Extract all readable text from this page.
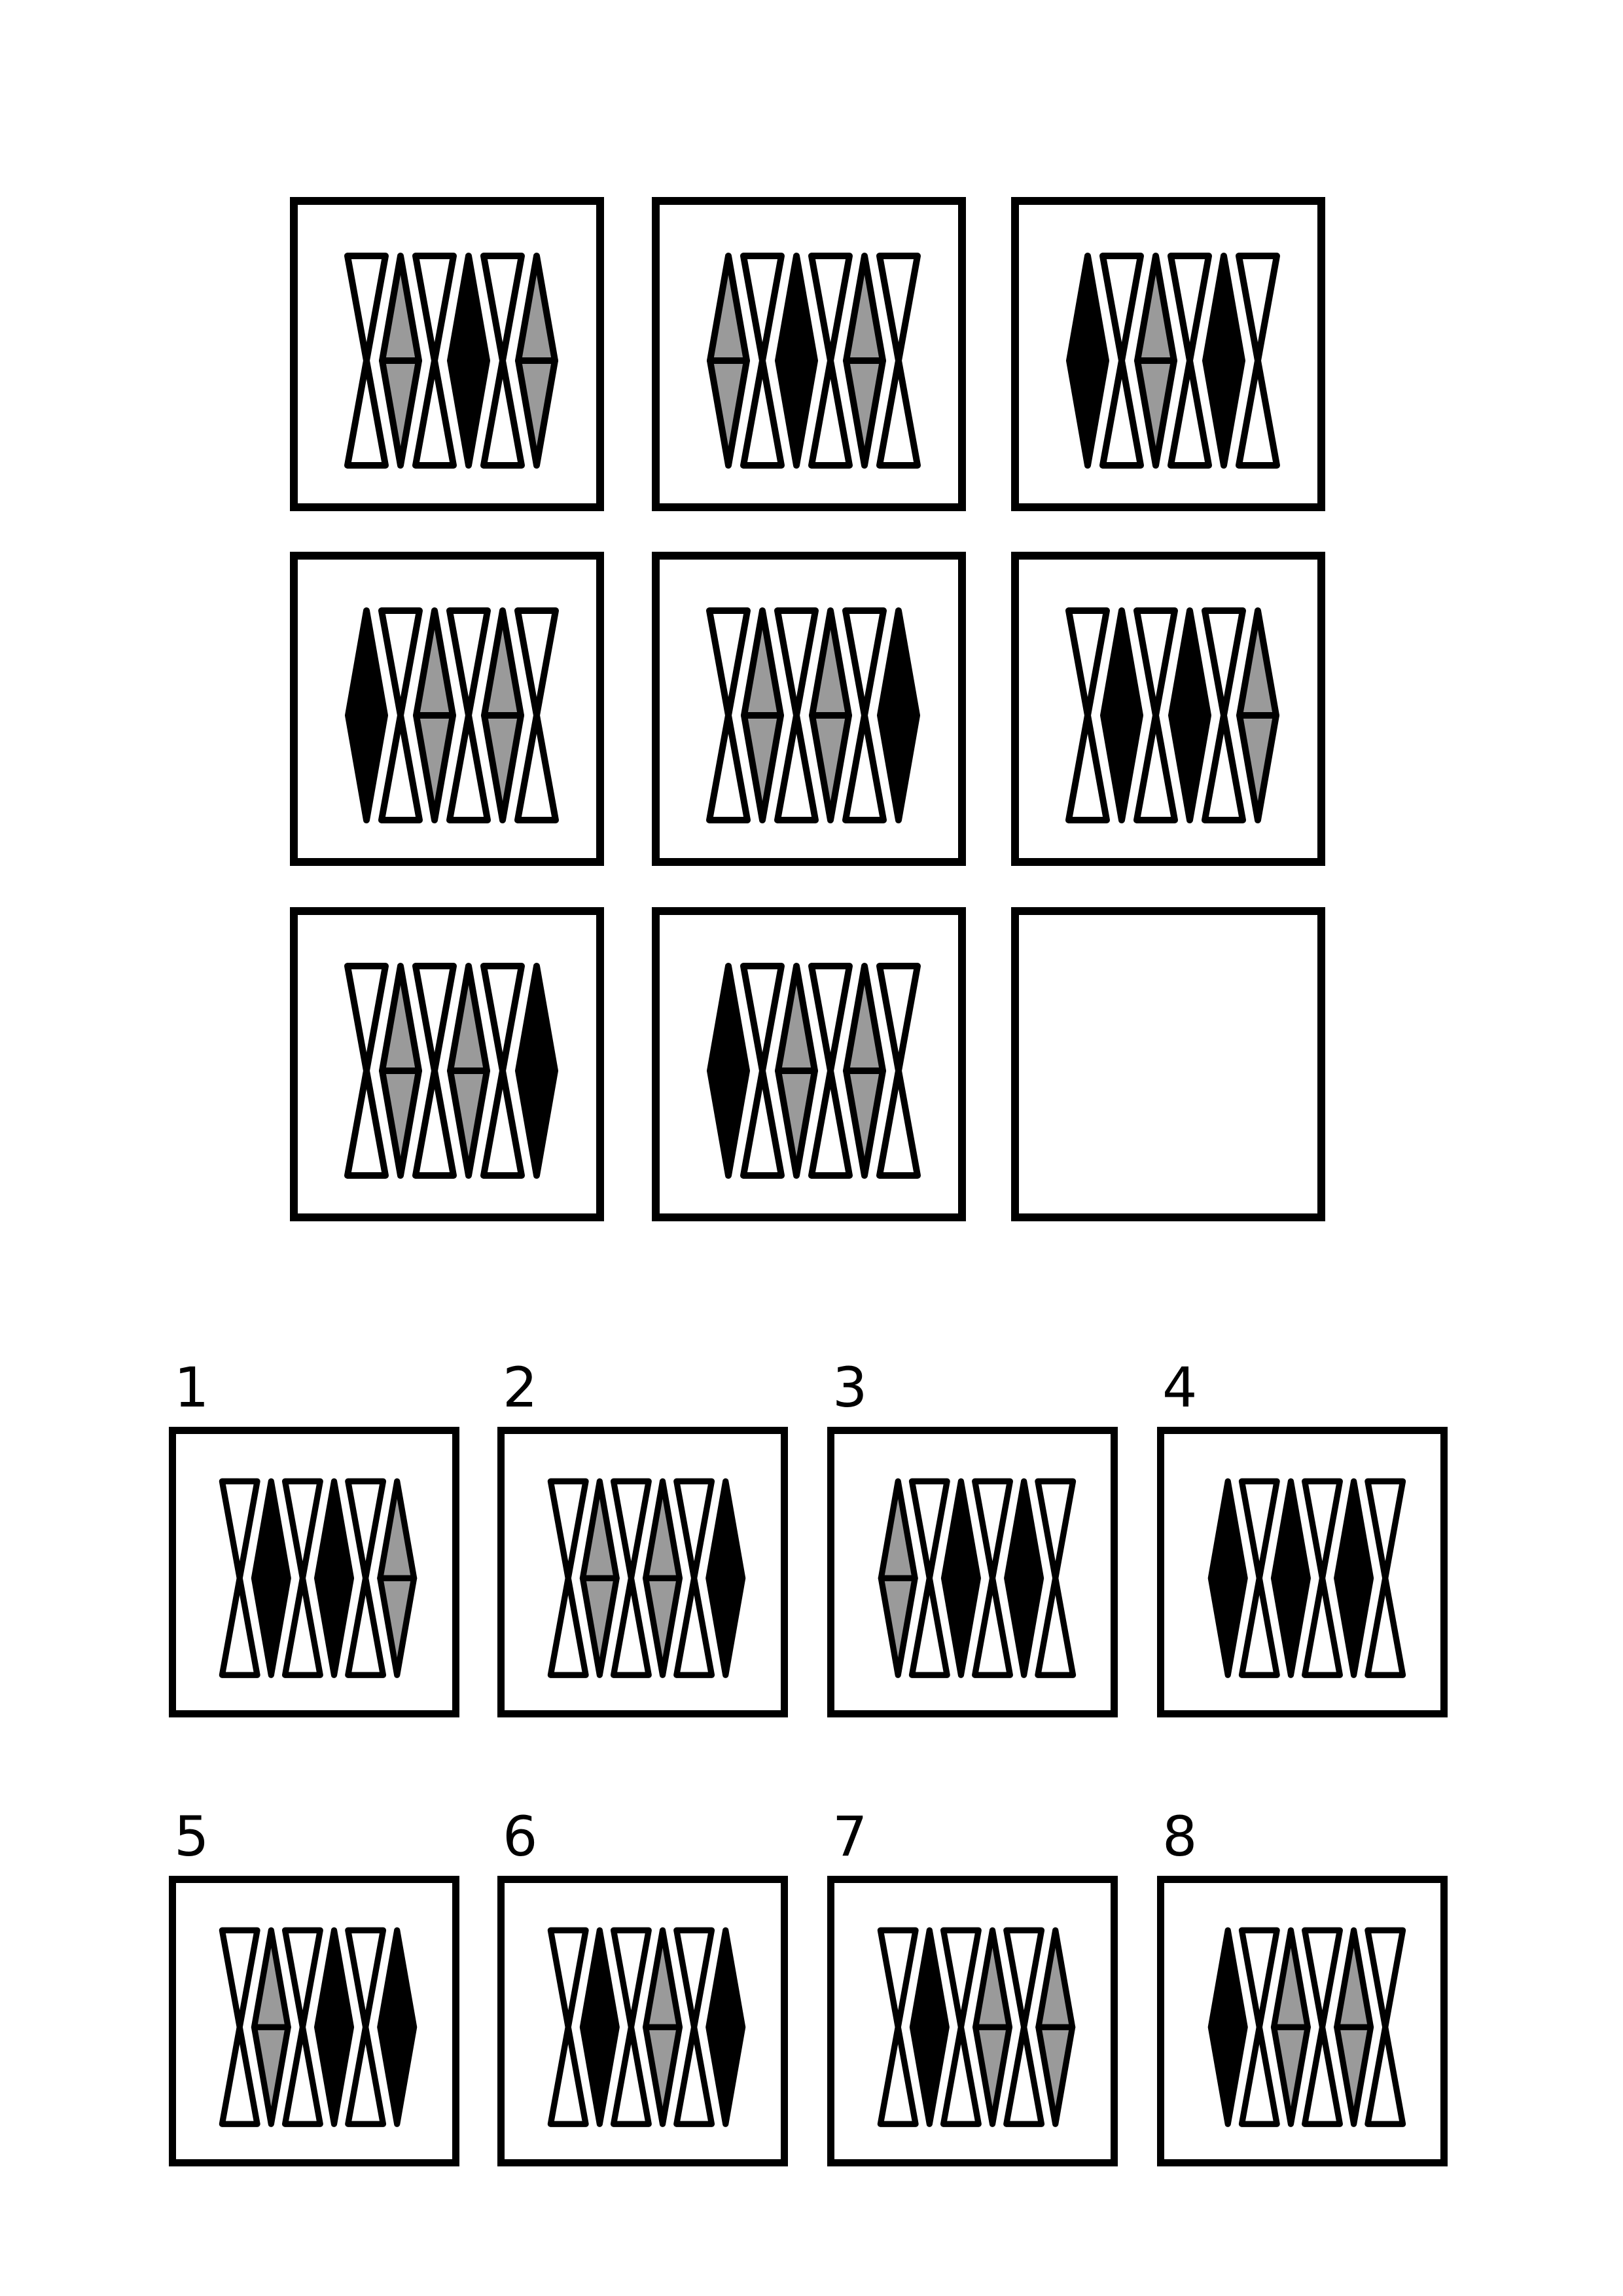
1	2	3	4
5	6	7	8
